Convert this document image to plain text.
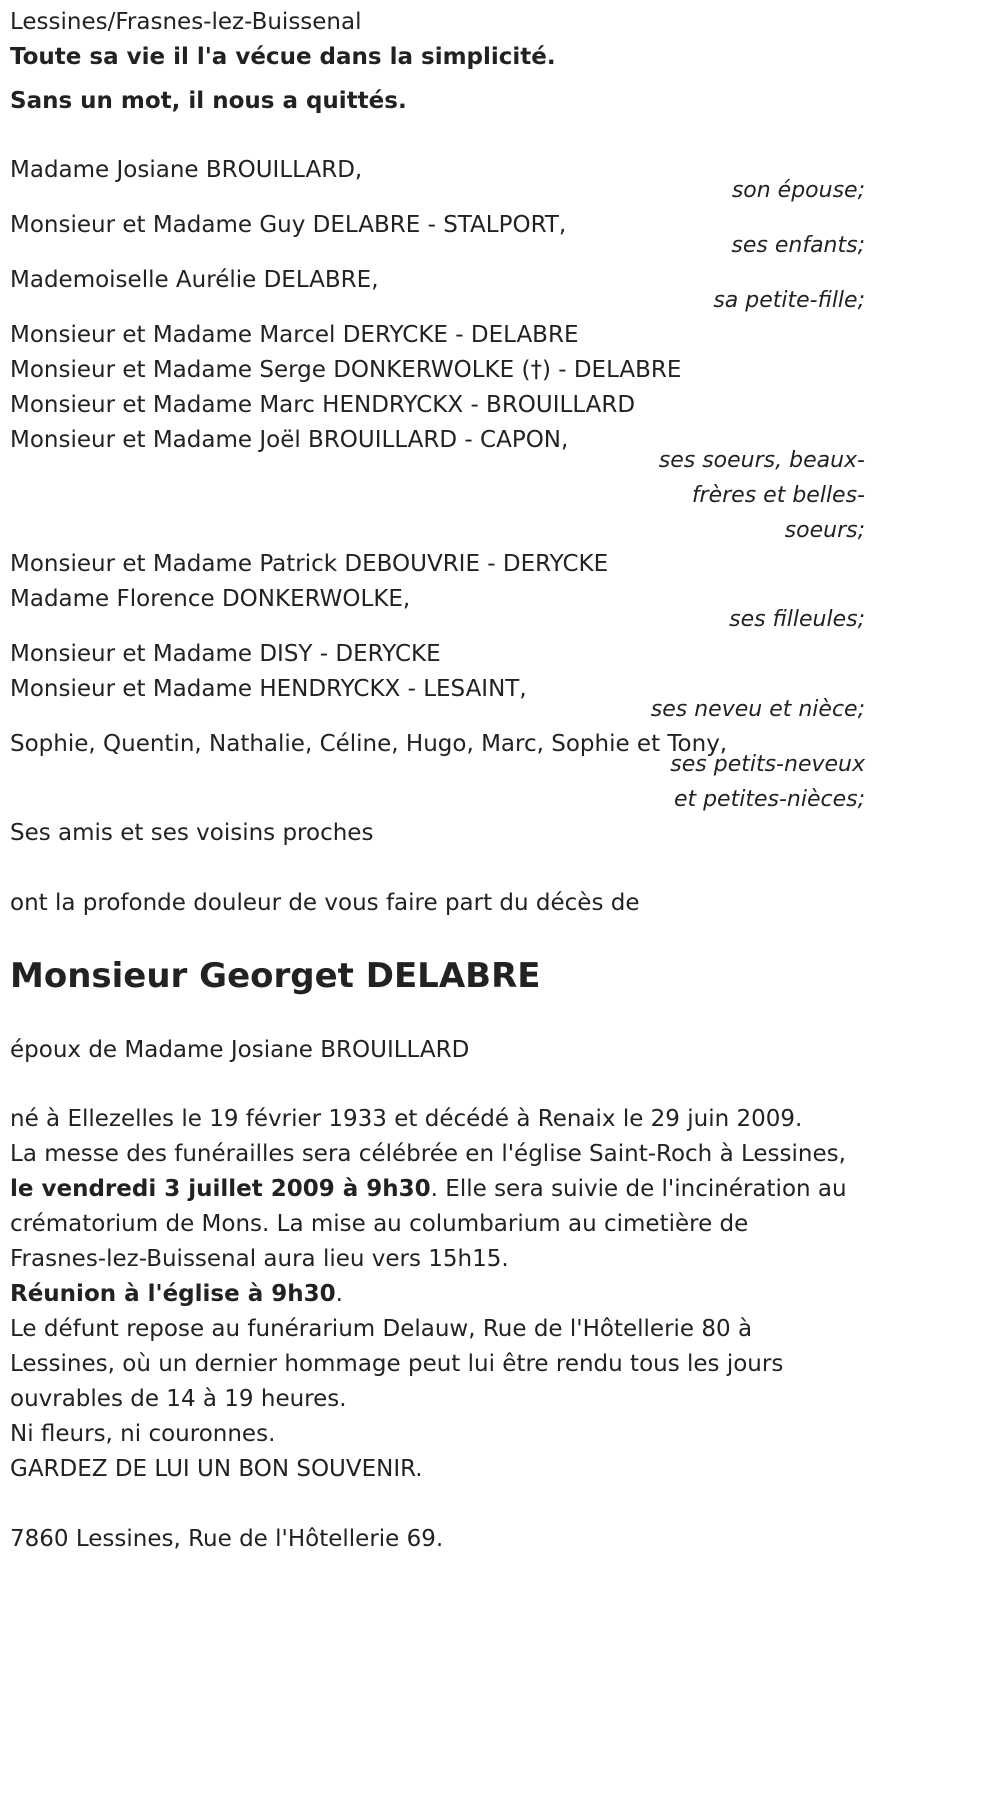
Lessines/Frasnes-lez-Buissenal
Toute sa vie il l'a vécue dans la simplicité.
Sans un mot, il nous a quittés.
Madame Josiane BROUILLARD,
son épouse;
Monsieur et Madame Guy DELABRE - STALPORT,
ses enfants;
Mademoiselle Aurélie DELABRE,
sa petite-fille;
Monsieur et Madame Marcel DERYCKE - DELABRE
Monsieur et Madame Serge DONKERWOLKE (†) - DELABRE
Monsieur et Madame Marc HENDRYCKX - BROUILLARD
Monsieur et Madame Joël BROUILLARD - CAPON,
ses soeurs, beaux-frères et belles-soeurs;
Monsieur et Madame Patrick DEBOUVRIE - DERYCKE
Madame Florence DONKERWOLKE,
ses filleules;
Monsieur et Madame DISY - DERYCKE
Monsieur et Madame HENDRYCKX - LESAINT,
ses neveu et nièce;
Sophie, Quentin, Nathalie, Céline, Hugo, Marc, Sophie et Tony,
ses petits-neveux et petites-nièces;
Ses amis et ses voisins proches
ont la profonde douleur de vous faire part du décès de
Monsieur Georget DELABRE
époux de Madame Josiane BROUILLARD
né à Ellezelles le 19 février 1933 et décédé à Renaix le 29 juin 2009.
La messe des funérailles sera célébrée en l'église Saint-Roch à Lessines,
le vendredi 3 juillet 2009 à 9h30. Elle sera suivie de l'incinération au
crématorium de Mons. La mise au columbarium au cimetière de
Frasnes-lez-Buissenal aura lieu vers 15h15.
Réunion à l'église à 9h30.
Le défunt repose au funérarium Delauw, Rue de l'Hôtellerie 80 à
Lessines, où un dernier hommage peut lui être rendu tous les jours
ouvrables de 14 à 19 heures.
Ni fleurs, ni couronnes.
GARDEZ DE LUI UN BON SOUVENIR.
7860 Lessines, Rue de l'Hôtellerie 69.
